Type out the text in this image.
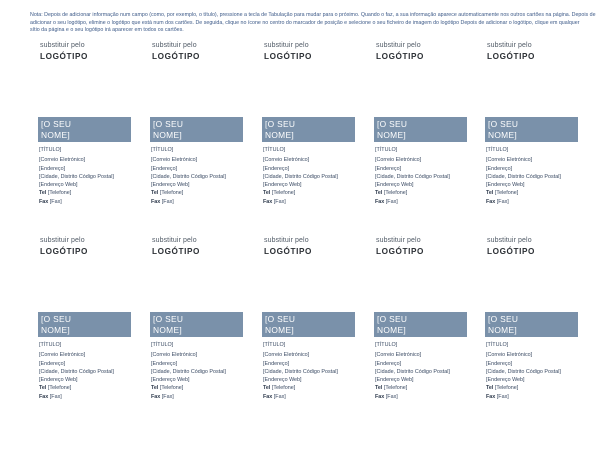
Nota: Depois de adicionar informação num campo (como, por exemplo, o título), pressione a tecla de Tabulação para mudar para o próximo. Quando o faz, a sua informação aparece automaticamente nos outros cartões na página. Depois de
adicionar o seu logótipo, elimine o logótipo que está num dos cartões. De seguida, clique no ícone no centro do marcador de posição e selecione o seu ficheiro de imagem do logótipo Depois de adicionar o logótipo, clique em qualquer
sítio da página e o seu logótipo irá aparecer em todos os cartões.
substituir pelo
LOGÓTIPO
[O SEU
NOME]
[TÍTULO]
[Correio Eletrónico]
[Endereço]
[Cidade, Distrito Código Postal]
[Endereço Web]
Tel [Telefone]
Fax [Fax]
substituir pelo
LOGÓTIPO
[O SEU
NOME]
[TÍTULO]
[Correio Eletrónico]
[Endereço]
[Cidade, Distrito Código Postal]
[Endereço Web]
Tel [Telefone]
Fax [Fax]
substituir pelo
LOGÓTIPO
[O SEU
NOME]
[TÍTULO]
[Correio Eletrónico]
[Endereço]
[Cidade, Distrito Código Postal]
[Endereço Web]
Tel [Telefone]
Fax [Fax]
substituir pelo
LOGÓTIPO
[O SEU
NOME]
[TÍTULO]
[Correio Eletrónico]
[Endereço]
[Cidade, Distrito Código Postal]
[Endereço Web]
Tel [Telefone]
Fax [Fax]
substituir pelo
LOGÓTIPO
[O SEU
NOME]
[TÍTULO]
[Correio Eletrónico]
[Endereço]
[Cidade, Distrito Código Postal]
[Endereço Web]
Tel [Telefone]
Fax [Fax]
substituir pelo
LOGÓTIPO
[O SEU
NOME]
[TÍTULO]
[Correio Eletrónico]
[Endereço]
[Cidade, Distrito Código Postal]
[Endereço Web]
Tel [Telefone]
Fax [Fax]
substituir pelo
LOGÓTIPO
[O SEU
NOME]
[TÍTULO]
[Correio Eletrónico]
[Endereço]
[Cidade, Distrito Código Postal]
[Endereço Web]
Tel [Telefone]
Fax [Fax]
substituir pelo
LOGÓTIPO
[O SEU
NOME]
[TÍTULO]
[Correio Eletrónico]
[Endereço]
[Cidade, Distrito Código Postal]
[Endereço Web]
Tel [Telefone]
Fax [Fax]
substituir pelo
LOGÓTIPO
[O SEU
NOME]
[TÍTULO]
[Correio Eletrónico]
[Endereço]
[Cidade, Distrito Código Postal]
[Endereço Web]
Tel [Telefone]
Fax [Fax]
substituir pelo
LOGÓTIPO
[O SEU
NOME]
[TÍTULO]
[Correio Eletrónico]
[Endereço]
[Cidade, Distrito Código Postal]
[Endereço Web]
Tel [Telefone]
Fax [Fax]
